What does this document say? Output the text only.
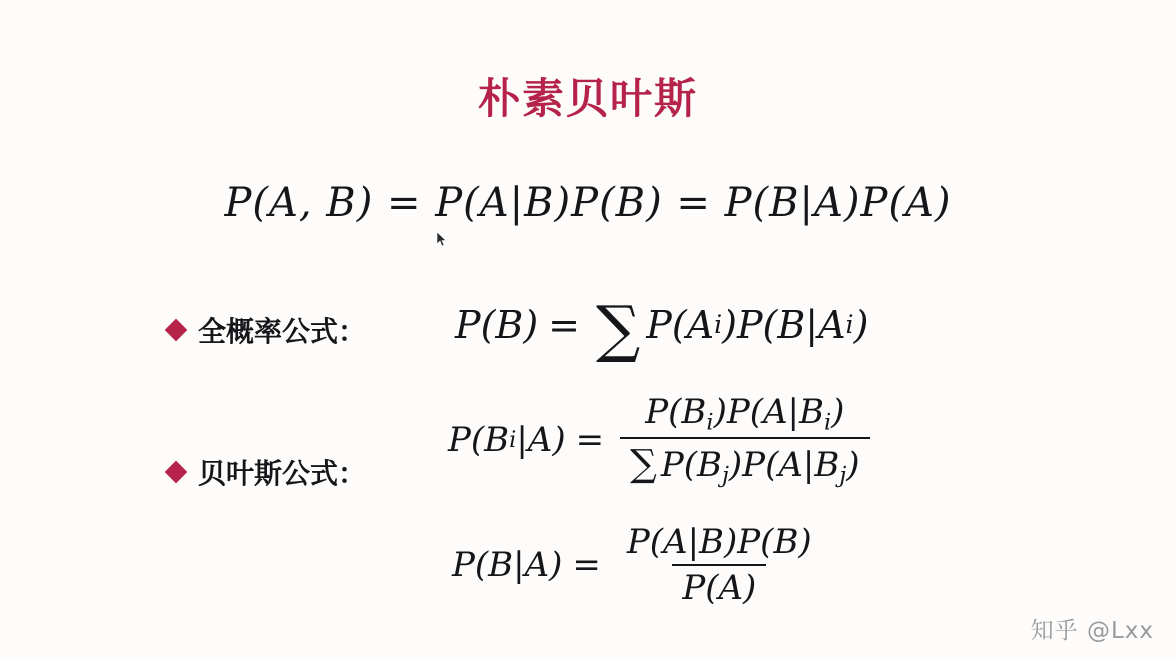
朴素贝叶斯
P(A, B) = P(A|B)P(B) = P(B|A)P(A)
全概率公式： P(B) = ∑ P(A i )P(B|A i )
贝叶斯公式：
P(B i $|A) = \frac{P(B_i)P(A|B_i)}{\sum P(B_j)P(A|B_j)}$
$P(B|A) = \frac{P(A|B)P(B)}{P(A)}$
知乎 @Lxx
